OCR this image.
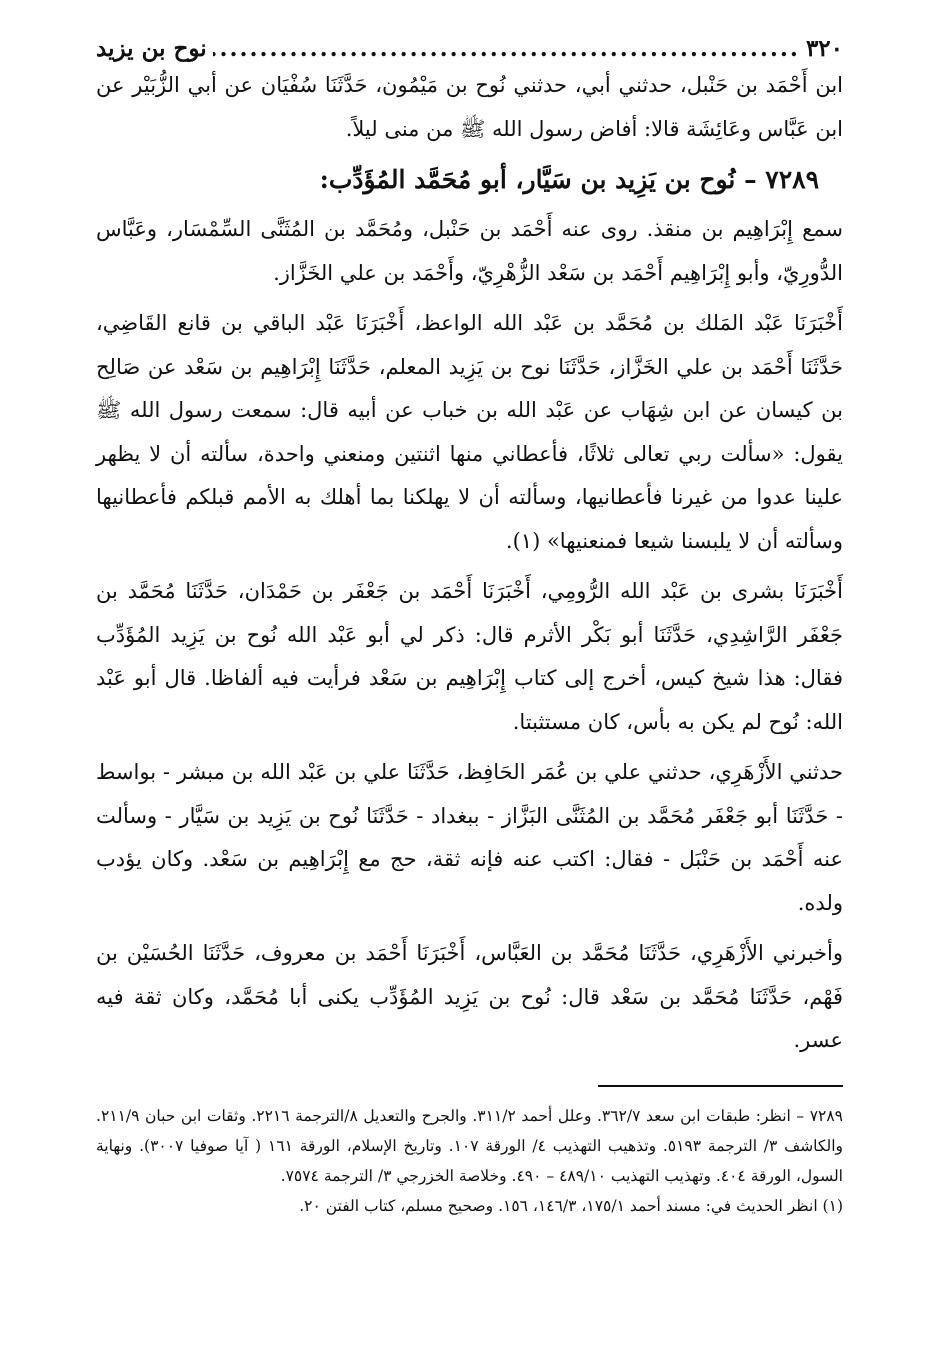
٣٢٠
.....
نوح بن يزيد

ابن أَحْمَد بن حَنْبل، حدثني أبي، حدثني نُوح بن مَيْمُون، حَدَّثَنَا سُفْيَان عن أبي الزُّبَيْر عن ابن عَبَّاس وعَائِشَة قالا: أفاض رسول الله ﷺ من منى ليلاً.

٧٢٨٩ – نُوح بن يَزِيد بن سَيَّار، أبو مُحَمَّد المُؤَدِّب:

سمع إِبْرَاهِيم بن منقذ. روى عنه أَحْمَد بن حَنْبل، ومُحَمَّد بن المُثَنَّى السِّمْسَار، وعَبَّاس الدُّورِيّ، وأبو إِبْرَاهِيم أَحْمَد بن سَعْد الزُّهْرِيّ، وأَحْمَد بن علي الخَزَّاز.

أَخْبَرَنَا عَبْد المَلك بن مُحَمَّد بن عَبْد الله الواعظ، أَخْبَرَنَا عَبْد الباقي بن قانع القَاضِي، حَدَّثَنَا أَحْمَد بن علي الخَزَّاز، حَدَّثَنَا نوح بن يَزِيد المعلم، حَدَّثَنَا إِبْرَاهِيم بن سَعْد عن صَالِح بن كيسان عن ابن شِهَاب عن عَبْد الله بن خباب عن أبيه قال: سمعت رسول الله ﷺ يقول: «سألت ربي تعالى ثلاثًا، فأعطاني منها اثنتين ومنعني واحدة، سألته أن لا يظهر علينا عدوا من غيرنا فأعطانيها، وسألته أن لا يهلكنا بما أهلك به الأمم قبلكم فأعطانيها وسألته أن لا يلبسنا شيعا فمنعنيها» (١).

أَخْبَرَنَا بشرى بن عَبْد الله الرُّومِي، أَخْبَرَنَا أَحْمَد بن جَعْفَر بن حَمْدَان، حَدَّثَنَا مُحَمَّد بن جَعْفَر الرَّاشِدِي، حَدَّثَنَا أبو بَكْر الأثرم قال: ذكر لي أبو عَبْد الله نُوح بن يَزِيد المُؤَدِّب فقال: هذا شيخ كيس، أخرج إلى كتاب إِبْرَاهِيم بن سَعْد فرأيت فيه ألفاظا. قال أبو عَبْد الله: نُوح لم يكن به بأس، كان مستثبتا.

حدثني الأَزْهَرِي، حدثني علي بن عُمَر الحَافِظ، حَدَّثَنَا علي بن عَبْد الله بن مبشر - بواسط - حَدَّثَنَا أبو جَعْفَر مُحَمَّد بن المُثَنَّى البَزَّاز - ببغداد - حَدَّثَنَا نُوح بن يَزِيد بن سَيَّار - وسألت عنه أَحْمَد بن حَنْبَل - فقال: اكتب عنه فإنه ثقة، حج مع إِبْرَاهِيم بن سَعْد. وكان يؤدب ولده.

وأخبرني الأَزْهَرِي، حَدَّثَنَا مُحَمَّد بن العَبَّاس، أَخْبَرَنَا أَحْمَد بن معروف، حَدَّثَنَا الحُسَيْن بن فَهْم، حَدَّثَنَا مُحَمَّد بن سَعْد قال: نُوح بن يَزِيد المُؤَدِّب يكنى أبا مُحَمَّد، وكان ثقة فيه عسر.

٧٢٨٩ – انظر: طبقات ابن سعد ٣٦٢/٧. وعلل أحمد ٣١١/٢. والجرح والتعديل ٨/الترجمة ٢٢١٦. وثقات ابن حبان ٢١١/٩. والكاشف ٣/ الترجمة ٥١٩٣. وتذهيب التهذيب ٤/ الورقة ١٠٧. وتاريخ الإسلام، الورقة ١٦١ ( آيا صوفيا ٣٠٠٧). ونهاية السول، الورقة ٤٠٤. وتهذيب التهذيب ٤٨٩/١٠ – ٤٩٠. وخلاصة الخزرجي ٣/ الترجمة ٧٥٧٤.

(١) انظر الحديث في: مسند أحمد ١٧٥/١، ١٤٦/٣، ١٥٦. وصحيح مسلم، كتاب الفتن ٢٠.
